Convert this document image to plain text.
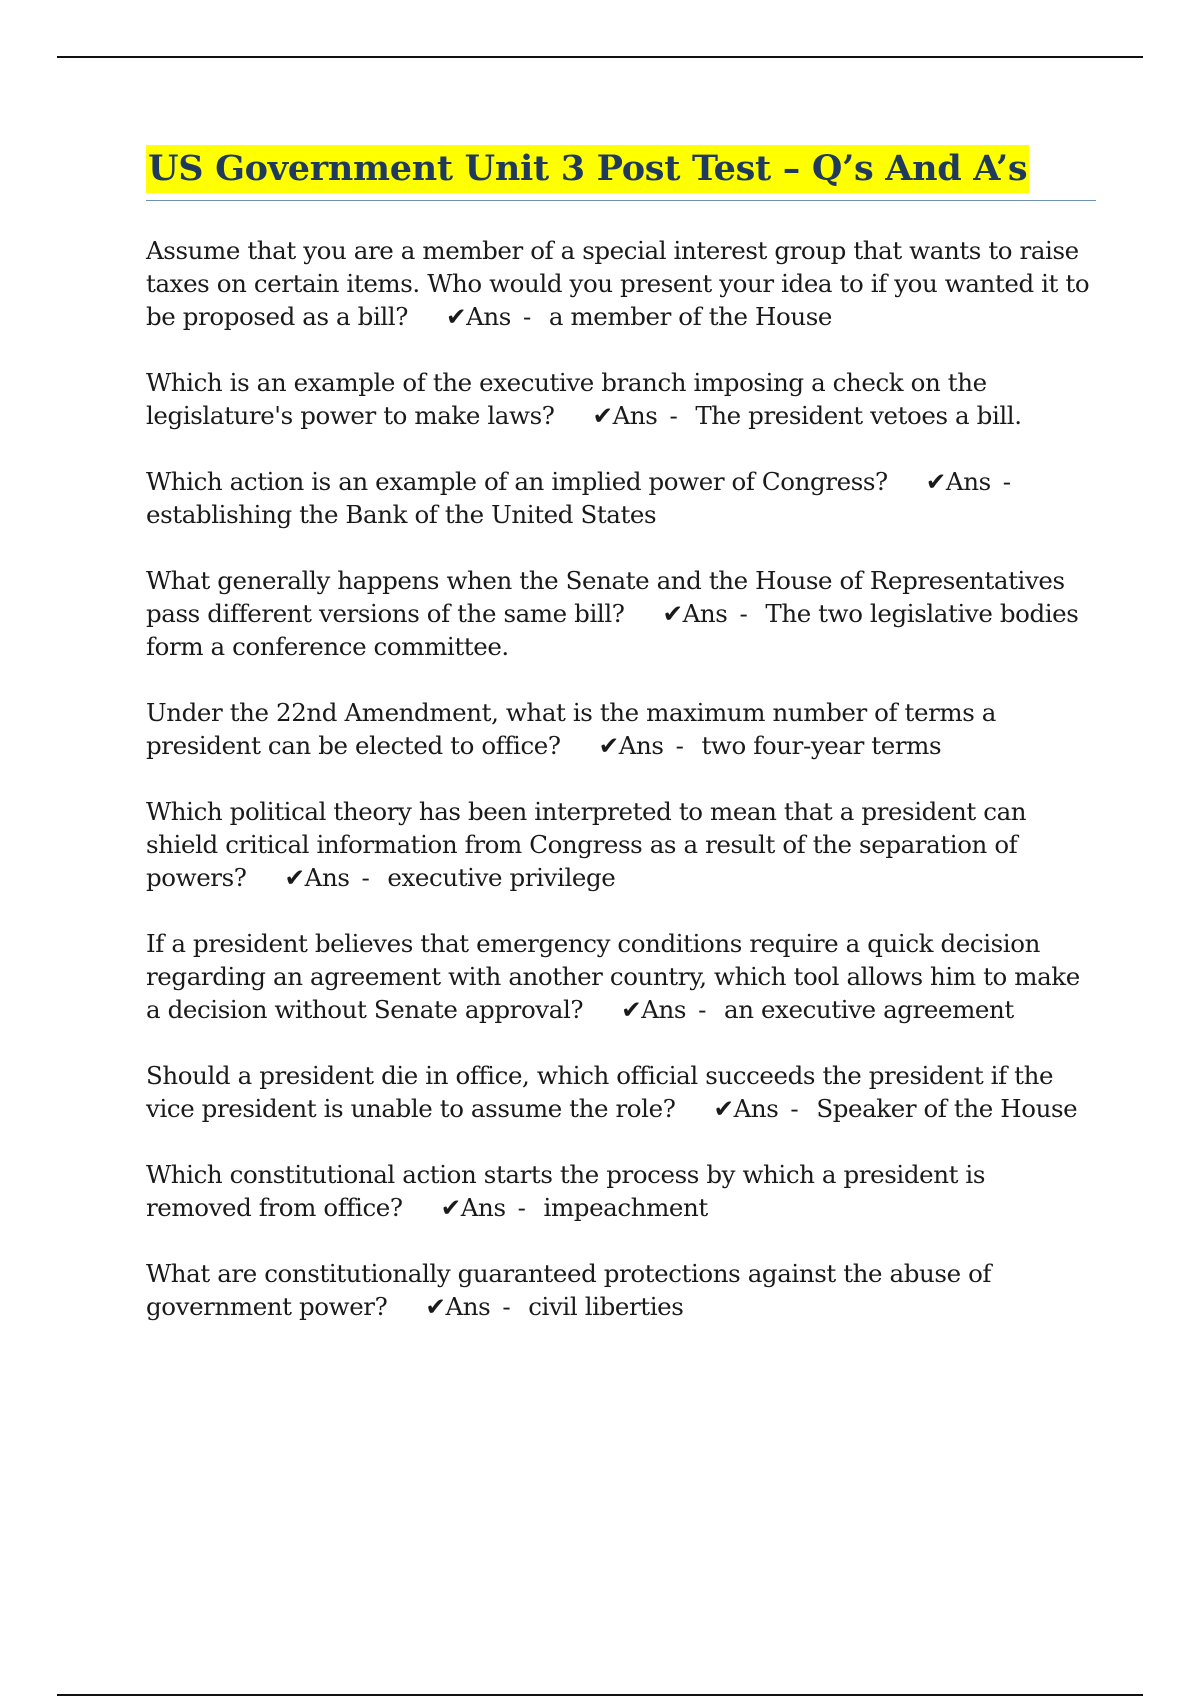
US Government Unit 3 Post Test – Q’s And A’s

Assume that you are a member of a special interest group that wants to raise taxes on certain items. Who would you present your idea to if you wanted it to be proposed as a bill? ✔Ans - a member of the House

Which is an example of the executive branch imposing a check on the legislature's power to make laws? ✔Ans - The president vetoes a bill.

Which action is an example of an implied power of Congress? ✔Ans -establishing the Bank of the United States

What generally happens when the Senate and the House of Representatives pass different versions of the same bill? ✔Ans - The two legislative bodies form a conference committee.

Under the 22nd Amendment, what is the maximum number of terms a president can be elected to office? ✔Ans - two four-year terms

Which political theory has been interpreted to mean that a president can shield critical information from Congress as a result of the separation of powers? ✔Ans - executive privilege

If a president believes that emergency conditions require a quick decision regarding an agreement with another country, which tool allows him to make a decision without Senate approval? ✔Ans - an executive agreement

Should a president die in office, which official succeeds the president if the vice president is unable to assume the role? ✔Ans - Speaker of the House

Which constitutional action starts the process by which a president is removed from office? ✔Ans - impeachment

What are constitutionally guaranteed protections against the abuse of government power? ✔Ans - civil liberties
